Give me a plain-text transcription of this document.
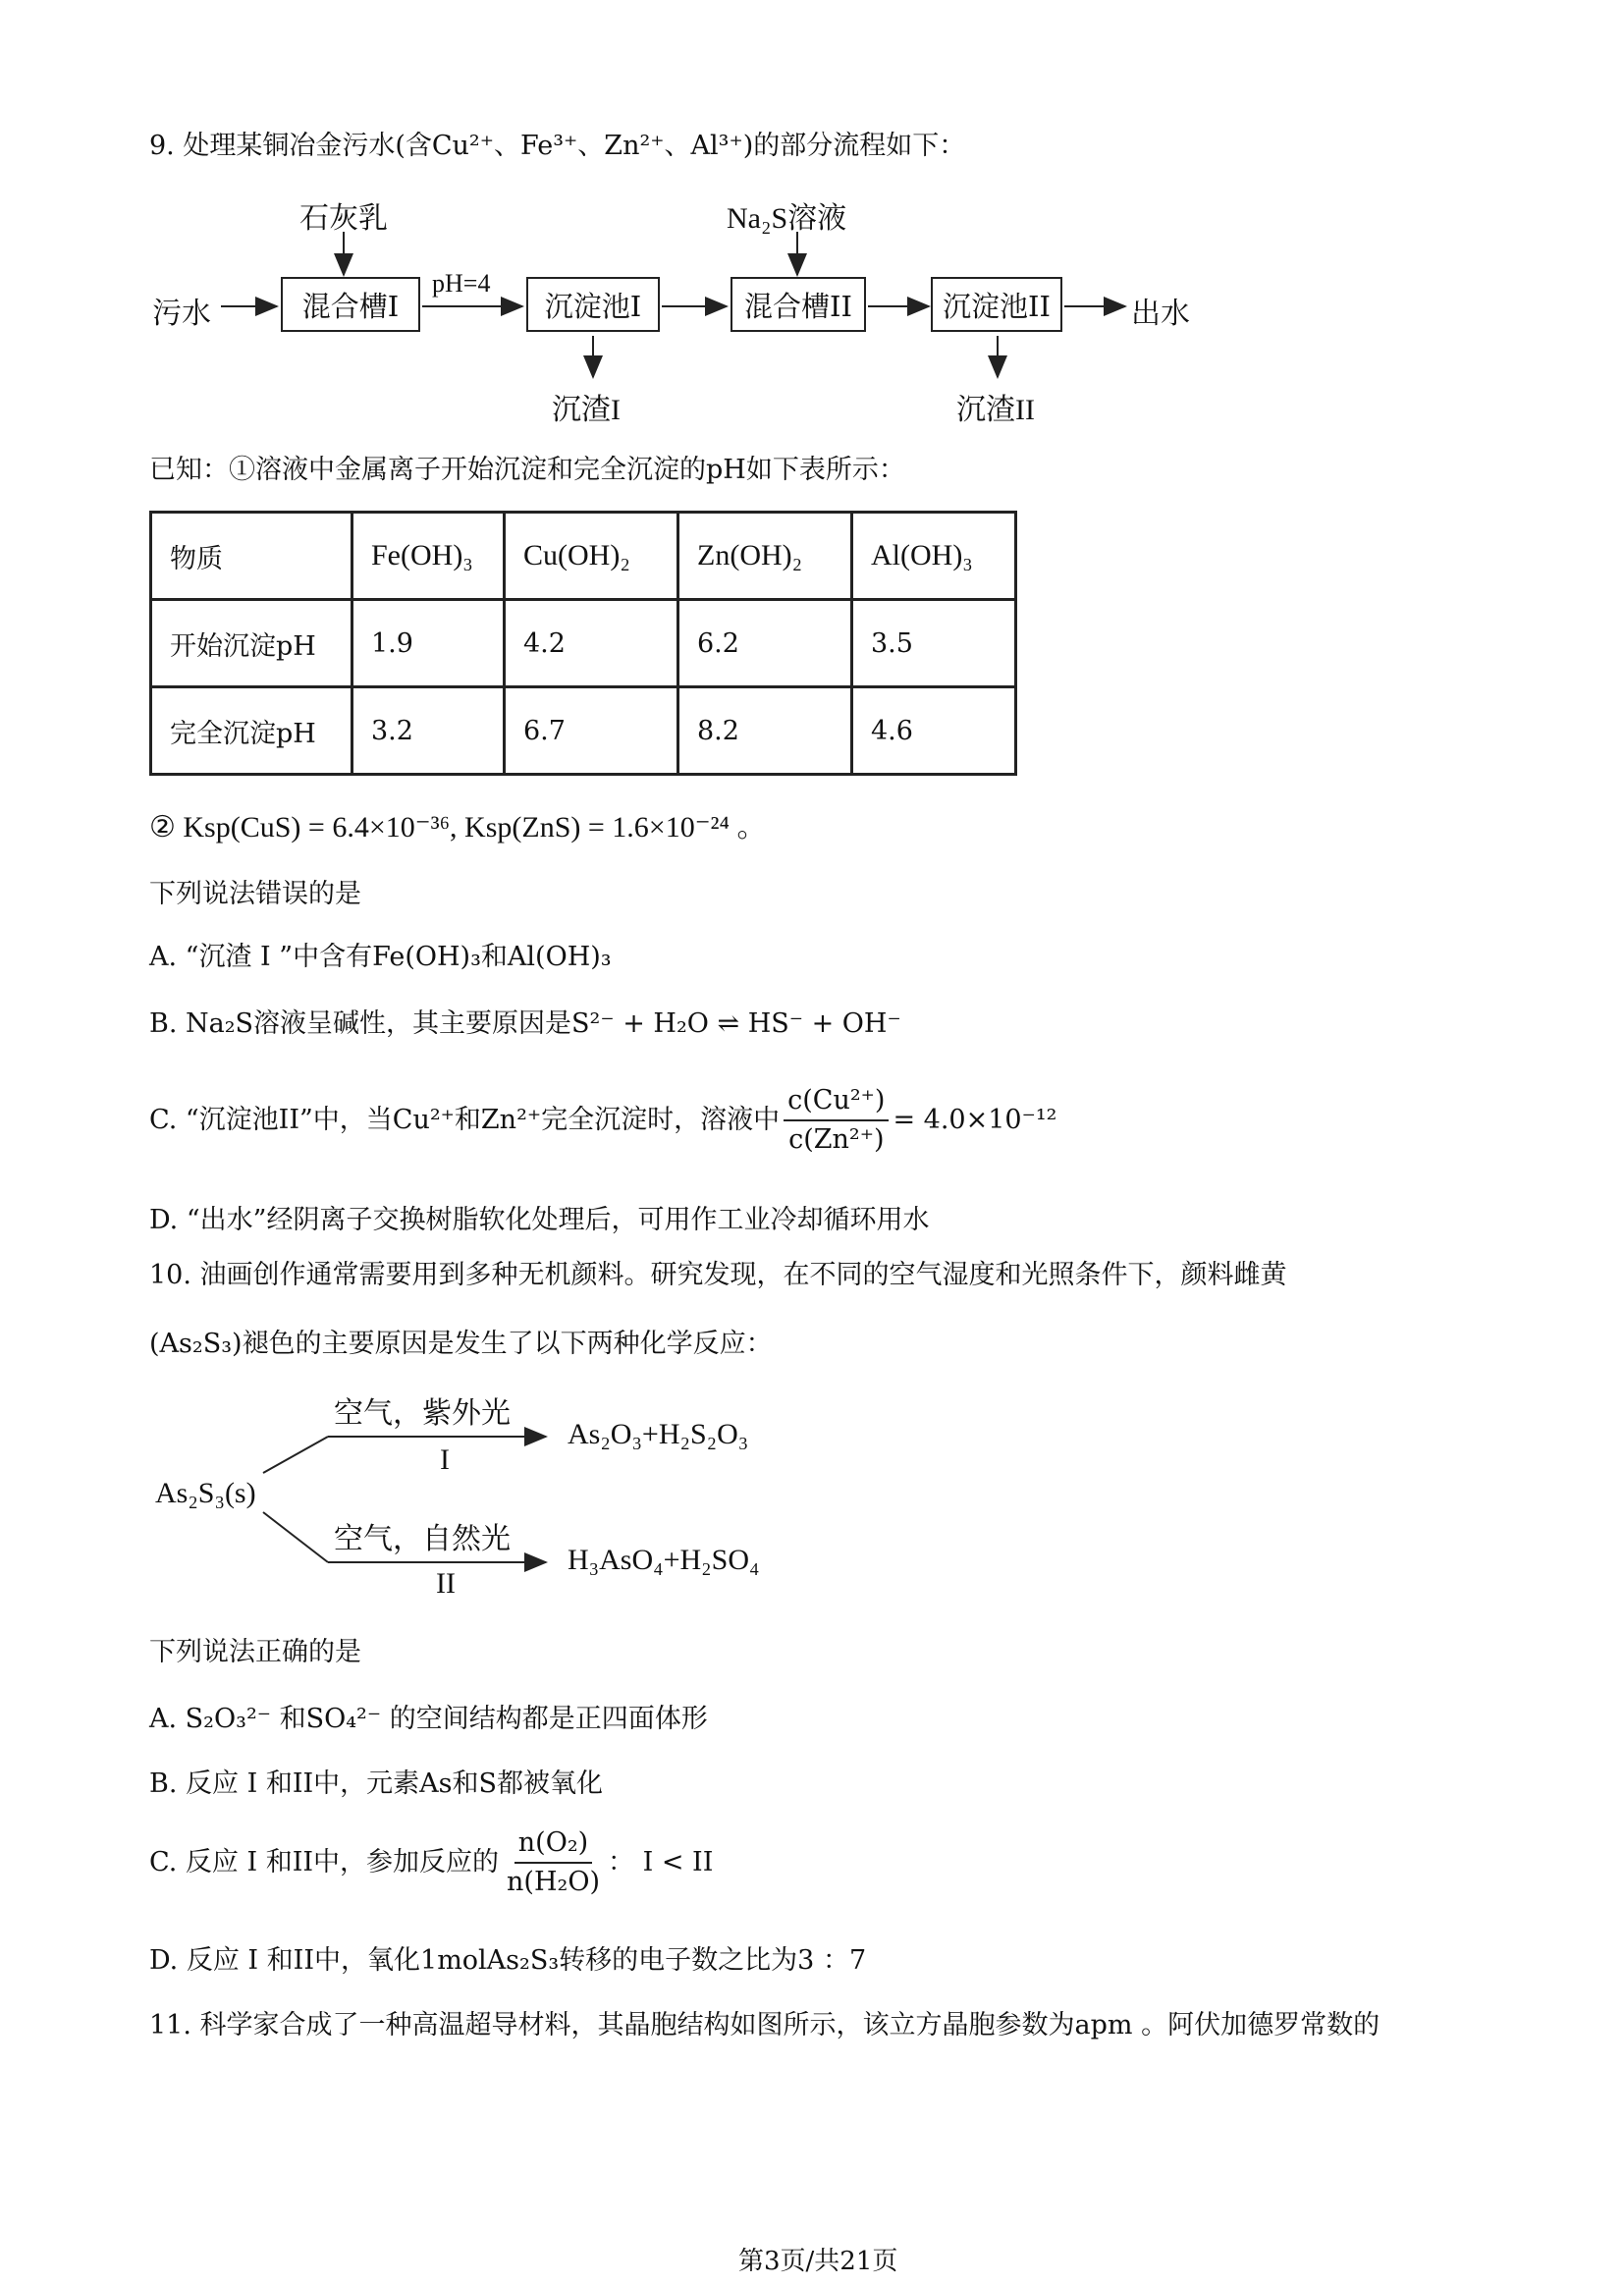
9. 处理某铜冶金污水(含Cu²⁺、Fe³⁺、Zn²⁺、Al³⁺)的部分流程如下：
污水
石灰乳
混合槽I
pH=4
沉淀池I
Na₂S溶液
混合槽II	沉淀池II	出水
沉渣I	沉渣II
已知：①溶液中金属离子开始沉淀和完全沉淀的pH如下表所示：
物质	Fe(OH)₃	Cu(OH)₂	Zn(OH)₂	Al(OH)₃
开始沉淀pH	1.9	4.2	6.2	3.5
完全沉淀pH	3.2	6.7	8.2	4.6
② Ksp(CuS) = 6.4×10⁻³⁶, Ksp(ZnS) = 1.6×10⁻²⁴ 。
下列说法错误的是
A. “沉渣 I ”中含有Fe(OH)₃和Al(OH)₃
B. Na₂S溶液呈碱性，其主要原因是S²⁻ + H₂O ⇌ HS⁻ + OH⁻
C. “沉淀池II”中，当Cu²⁺和Zn²⁺完全沉淀时，溶液中 $\frac{\text{c(Cu²⁺)}}{\text{c(Zn²⁺)}} = 4.0\times 10^{-12}$
D. “出水”经阴离子交换树脂软化处理后，可用作工业冷却循环用水
10. 油画创作通常需要用到多种无机颜料。研究发现，在不同的空气湿度和光照条件下，颜料雌黄
(As₂S₃)褪色的主要原因是发生了以下两种化学反应：
As₂S₃(s)
空气，紫外光
I
As₂O₃+H₂S₂O₃
空气，自然光
II
H₃AsO₄+H₂SO₄
下列说法正确的是
A. S₂O₃²⁻ 和SO₄²⁻ 的空间结构都是正四面体形
B. 反应 I 和II中，元素As和S都被氧化
C. 反应 I 和II中，参加反应的 $\frac{\text{n(O₂)}}{\text{n(H₂O)}}$ ： I < II
D. 反应 I 和II中，氧化1molAs₂S₃转移的电子数之比为3 ：7
11. 科学家合成了一种高温超导材料，其晶胞结构如图所示，该立方晶胞参数为apm 。阿伏加德罗常数的
第3页/共21页
